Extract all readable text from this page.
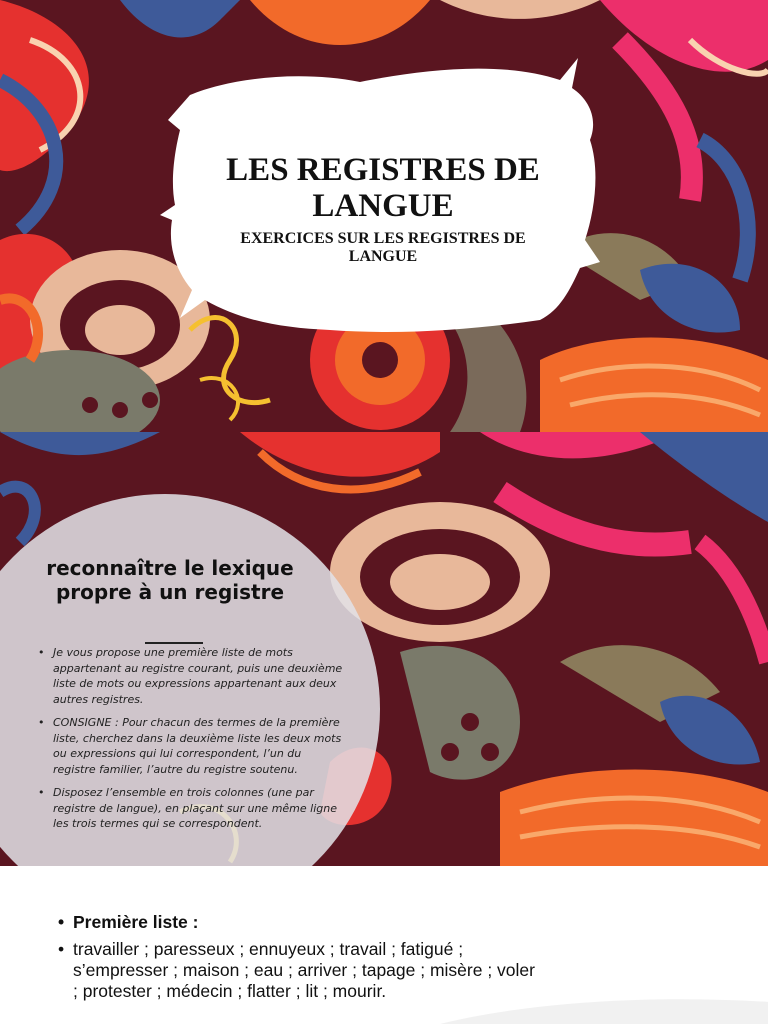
LES REGISTRES DE LANGUE
EXERCICES SUR LES REGISTRES DE LANGUE
reconnaître le lexique propre à un registre
• Je vous propose une première liste de mots appartenant au registre courant, puis une deuxième liste de mots ou expressions appartenant aux deux autres registres.
• CONSIGNE : Pour chacun des termes de la première liste, cherchez dans la deuxième liste les deux mots ou expressions qui lui correspondent, l’un du registre familier, l’autre du registre soutenu.
• Disposez l’ensemble en trois colonnes (une par registre de langue), en plaçant sur une même ligne les trois termes qui se correspondent.
• Première liste :
• travailler ; paresseux ; ennuyeux ; travail ; fatigué ; s’empresser ; maison ; eau ; arriver ; tapage ; misère ; voler ; protester ; médecin ; flatter ; lit ; mourir.
